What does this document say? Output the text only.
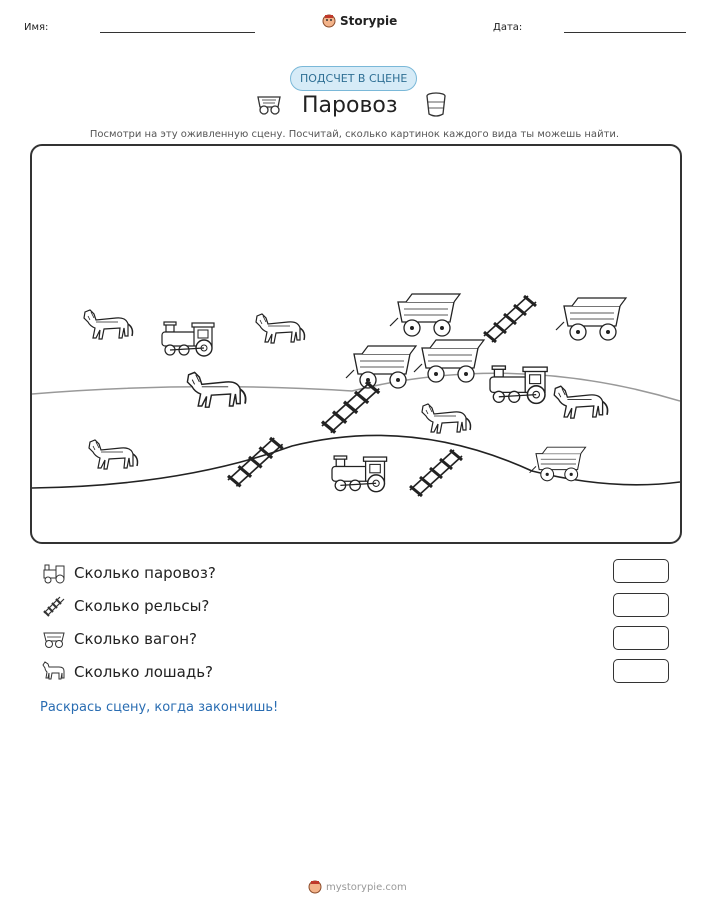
Имя:	Storypie	Дата:
ПОДСЧЕТ В СЦЕНЕ
Паровоз
Посмотри на эту оживленную сцену. Посчитай, сколько картинок каждого вида ты можешь найти.
Сколько паровоз?
Сколько рельсы?
Сколько вагон?
Сколько лошадь?
Раскрась сцену, когда закончишь!
mystorypie.com
